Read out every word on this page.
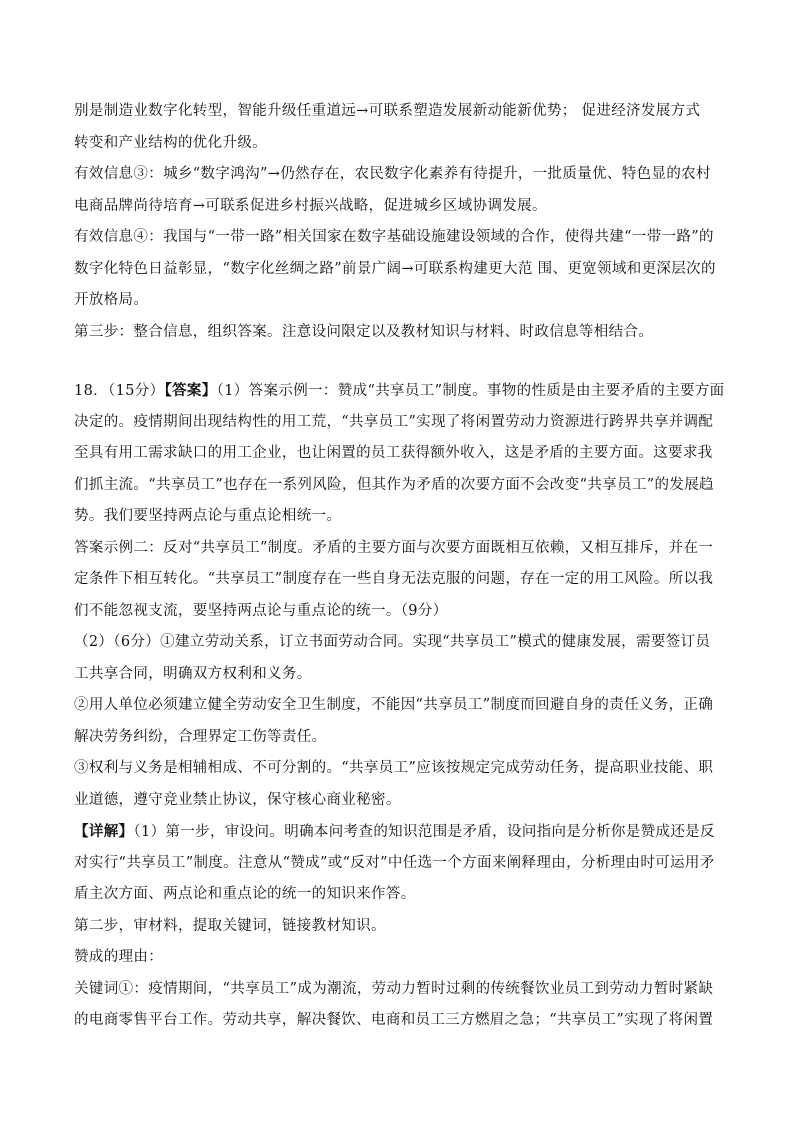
别是制造业数字化转型，智能升级任重道远→可联系塑造发展新动能新优势； 促进经济发展方式
转变和产业结构的优化升级。
有效信息③：城乡“数字鸿沟”→仍然存在，农民数字化素养有待提升，一批质量优、特色显的农村
电商品牌尚待培育→可联系促进乡村振兴战略，促进城乡区域协调发展。
有效信息④：我国与“一带一路”相关国家在数字基础设施建设领域的合作，使得共建“一带一路”的
数字化特色日益彰显，“数字化丝绸之路”前景广阔→可联系构建更大范 围、更宽领域和更深层次的
开放格局。
第三步：整合信息，组织答案。注意设问限定以及教材知识与材料、时政信息等相结合。
18．（15分）【答案】（1）答案示例一：赞成“共享员工”制度。事物的性质是由主要矛盾的主要方面
决定的。疫情期间出现结构性的用工荒，“共享员工”实现了将闲置劳动力资源进行跨界共享并调配
至具有用工需求缺口的用工企业，也让闲置的员工获得额外收入，这是矛盾的主要方面。这要求我
们抓主流。“共享员工”也存在一系列风险，但其作为矛盾的次要方面不会改变“共享员工”的发展趋
势。我们要坚持两点论与重点论相统一。
答案示例二：反对“共享员工”制度。矛盾的主要方面与次要方面既相互依赖，又相互排斥，并在一
定条件下相互转化。“共享员工”制度存在一些自身无法克服的问题，存在一定的用工风险。所以我
们不能忽视支流，要坚持两点论与重点论的统一。（9分）
（2）（6分）①建立劳动关系，订立书面劳动合同。实现“共享员工”模式的健康发展，需要签订员
工共享合同，明确双方权利和义务。
②用人单位必须建立健全劳动安全卫生制度，不能因“共享员工”制度而回避自身的责任义务，正确
解决劳务纠纷，合理界定工伤等责任。
③权利与义务是相辅相成、不可分割的。“共享员工”应该按规定完成劳动任务，提高职业技能、职
业道德，遵守竞业禁止协议，保守核心商业秘密。
【详解】（1）第一步，审设问。明确本问考查的知识范围是矛盾，设问指向是分析你是赞成还是反
对实行“共享员工”制度。注意从“赞成”或“反对”中任选一个方面来阐释理由，分析理由时可运用矛
盾主次方面、两点论和重点论的统一的知识来作答。
第二步，审材料，提取关键词，链接教材知识。
赞成的理由：
关键词①：疫情期间，“共享员工”成为潮流，劳动力暂时过剩的传统餐饮业员工到劳动力暂时紧缺
的电商零售平台工作。劳动共享，解决餐饮、电商和员工三方燃眉之急；“共享员工”实现了将闲置
